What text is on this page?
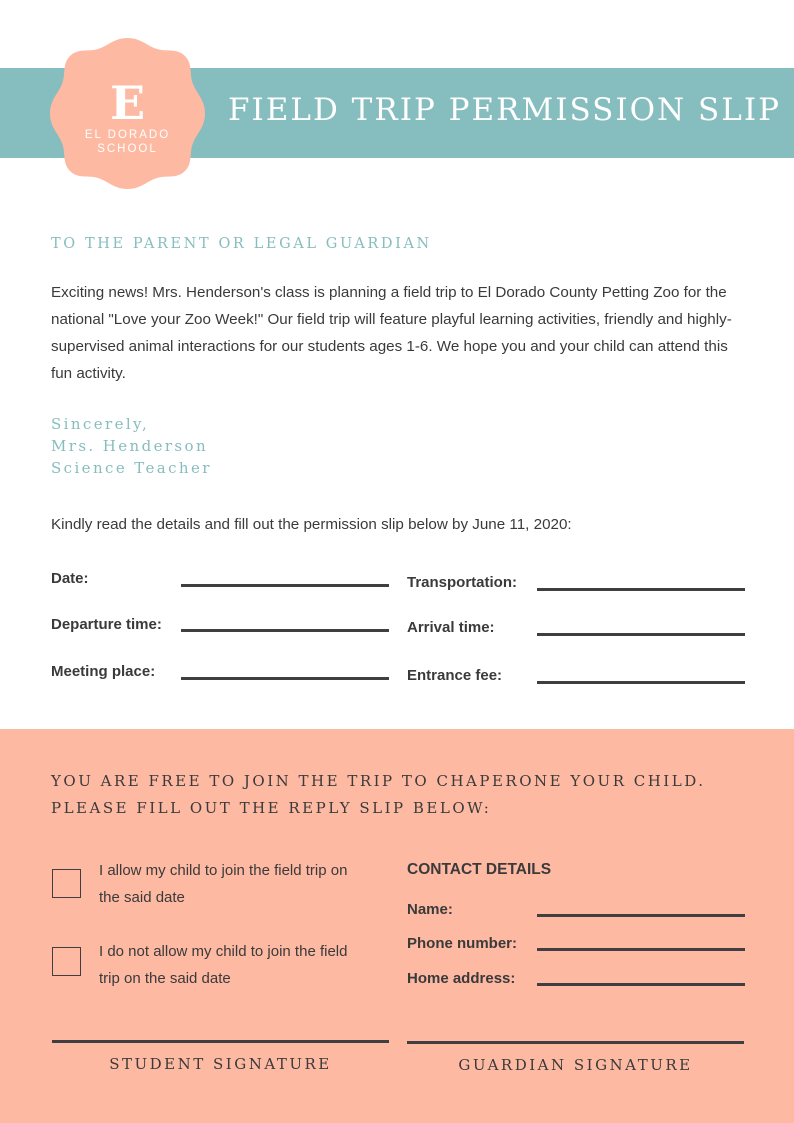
E
EL DORADO
SCHOOL
FIELD TRIP PERMISSION SLIP
TO THE PARENT OR LEGAL GUARDIAN
Exciting news! Mrs. Henderson's class is planning a field trip to El Dorado County Petting Zoo for the national "Love your Zoo Week!" Our field trip will feature playful learning activities, friendly and highly-supervised animal interactions for our students ages 1-6. We hope you and your child can attend this fun activity.
Sincerely,
Mrs. Henderson
Science Teacher
Kindly read the details and fill out the permission slip below by June 11, 2020:
Date:
Departure time:
Meeting place:
Transportation:
Arrival time:
Entrance fee:
YOU ARE FREE TO JOIN THE TRIP TO CHAPERONE YOUR CHILD.
PLEASE FILL OUT THE REPLY SLIP BELOW:
I allow my child to join the field trip on the said date
I do not allow my child to join the field trip on the said date
CONTACT DETAILS
Name:
Phone number:
Home address:
STUDENT SIGNATURE	GUARDIAN SIGNATURE
